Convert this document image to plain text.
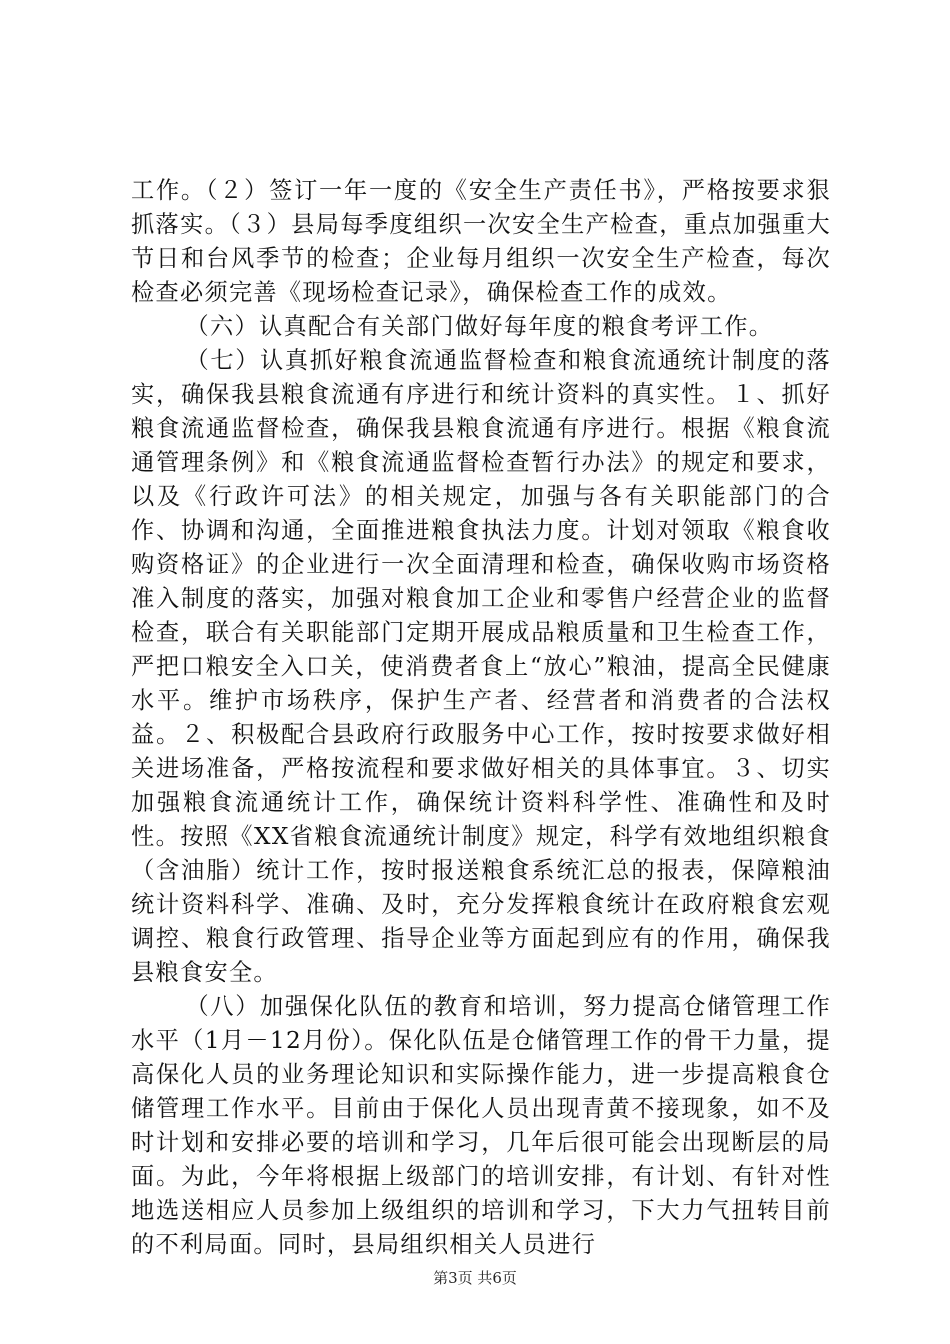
工作。（２）签订一年一度的《安全生产责任书》，严格按要求狠抓落实。（３）县局每季度组织一次安全生产检查，重点加强重大节日和台风季节的检查；企业每月组织一次安全生产检查，每次检查必须完善《现场检查记录》，确保检查工作的成效。

（六）认真配合有关部门做好每年度的粮食考评工作。

（七）认真抓好粮食流通监督检查和粮食流通统计制度的落实，确保我县粮食流通有序进行和统计资料的真实性。１、抓好粮食流通监督检查，确保我县粮食流通有序进行。根据《粮食流通管理条例》和《粮食流通监督检查暂行办法》的规定和要求，以及《行政许可法》的相关规定，加强与各有关职能部门的合作、协调和沟通，全面推进粮食执法力度。计划对领取《粮食收购资格证》的企业进行一次全面清理和检查，确保收购市场资格准入制度的落实，加强对粮食加工企业和零售户经营企业的监督检查，联合有关职能部门定期开展成品粮质量和卫生检查工作，严把口粮安全入口关，使消费者食上“放心”粮油，提高全民健康水平。维护市场秩序，保护生产者、经营者和消费者的合法权益。２、积极配合县政府行政服务中心工作，按时按要求做好相关进场准备，严格按流程和要求做好相关的具体事宜。３、切实加强粮食流通统计工作，确保统计资料科学性、准确性和及时性。按照《XX省粮食流通统计制度》规定，科学有效地组织粮食（含油脂）统计工作，按时报送粮食系统汇总的报表，保障粮油统计资料科学、准确、及时，充分发挥粮食统计在政府粮食宏观调控、粮食行政管理、指导企业等方面起到应有的作用，确保我县粮食安全。

（八）加强保化队伍的教育和培训，努力提高仓储管理工作水平（1月－12月份）。保化队伍是仓储管理工作的骨干力量，提高保化人员的业务理论知识和实际操作能力，进一步提高粮食仓储管理工作水平。目前由于保化人员出现青黄不接现象，如不及时计划和安排必要的培训和学习，几年后很可能会出现断层的局面。为此，今年将根据上级部门的培训安排，有计划、有针对性地选送相应人员参加上级组织的培训和学习，下大力气扭转目前的不利局面。同时，县局组织相关人员进行

第3页 共6页
